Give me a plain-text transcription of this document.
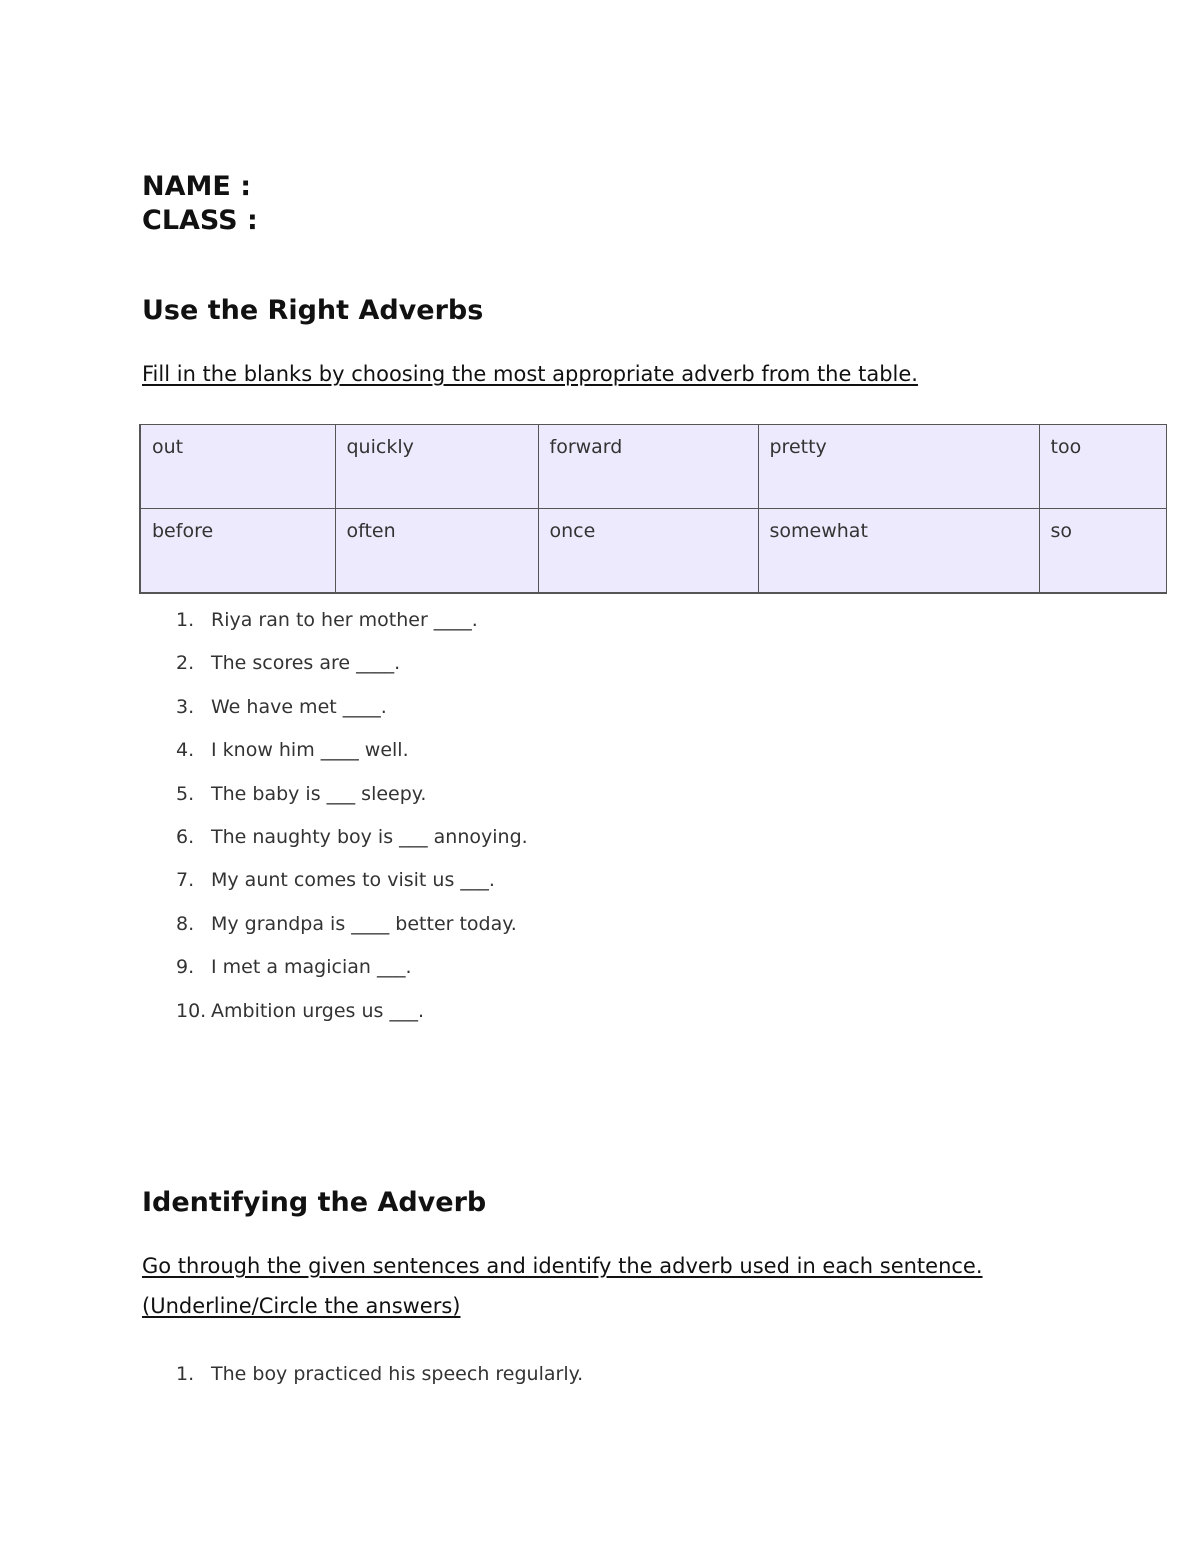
NAME :

CLASS :

Use the Right Adverbs

Fill in the blanks by choosing the most appropriate adverb from the table.

out	quickly	forward	pretty	too
before	often	once	somewhat	so
1. Riya ran to her mother ____.
2. The scores are ____.
3. We have met ____.
4. I know him ____ well.
5. The baby is ___ sleepy.
6. The naughty boy is ___ annoying.
7. My aunt comes to visit us ___.
8. My grandpa is ____ better today.
9. I met a magician ___.
10. Ambition urges us ___.
Identifying the Adverb

Go through the given sentences and identify the adverb used in each sentence. (Underline/Circle the answers)

1. The boy practiced his speech regularly.
